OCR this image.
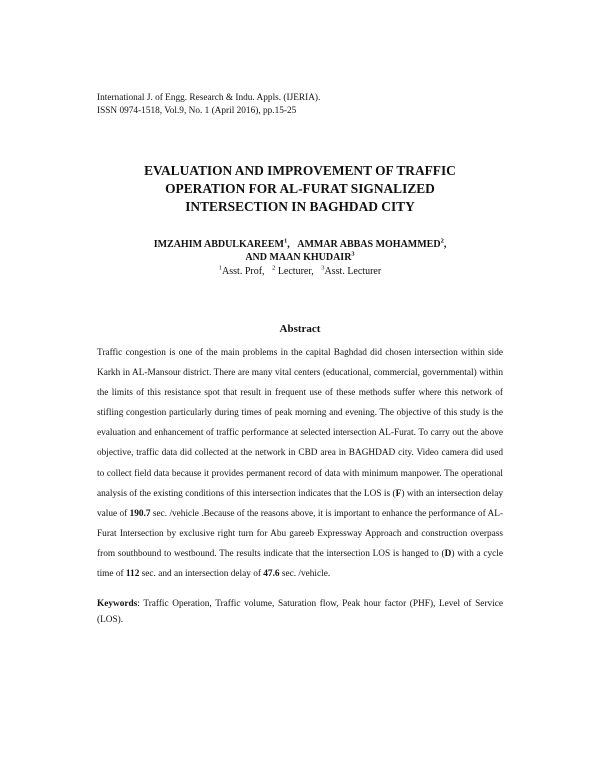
International J. of Engg. Research & Indu. Appls. (IJERIA).
ISSN 0974-1518, Vol.9, No. 1 (April 2016), pp.15-25
EVALUATION AND IMPROVEMENT OF TRAFFIC
OPERATION FOR AL-FURAT SIGNALIZED
INTERSECTION IN BAGHDAD CITY
IMZAHIM ABDULKAREEM$^1$, AMMAR ABBAS MOHAMMED$^2$,
AND MAAN KHUDAIR$^3$
$^1$Asst. Prof, $^2$ Lecturer, $^3$Asst. Lecturer
Abstract

Traffic congestion is one of the main problems in the capital Baghdad did chosen intersection within side Karkh in AL-Mansour district. There are many vital centers (educational, commercial, governmental) within the limits of this resistance spot that result in frequent use of these methods suffer where this network of stifling congestion particularly during times of peak morning and evening. The objective of this study is the evaluation and enhancement of traffic performance at selected intersection AL-Furat. To carry out the above objective, traffic data did collected at the network in CBD area in BAGHDAD city. Video camera did used to collect field data because it provides permanent record of data with minimum manpower. The operational analysis of the existing conditions of this intersection indicates that the LOS is (F) with an intersection delay value of 190.7 sec. /vehicle .Because of the reasons above, it is important to enhance the performance of AL-Furat Intersection by exclusive right turn for Abu gareeb Expressway Approach and construction overpass from southbound to westbound. The results indicate that the intersection LOS is hanged to (D) with a cycle time of 112 sec. and an intersection delay of 47.6 sec. /vehicle.

Keywords: Traffic Operation, Traffic volume, Saturation flow, Peak hour factor (PHF), Level of Service (LOS).
